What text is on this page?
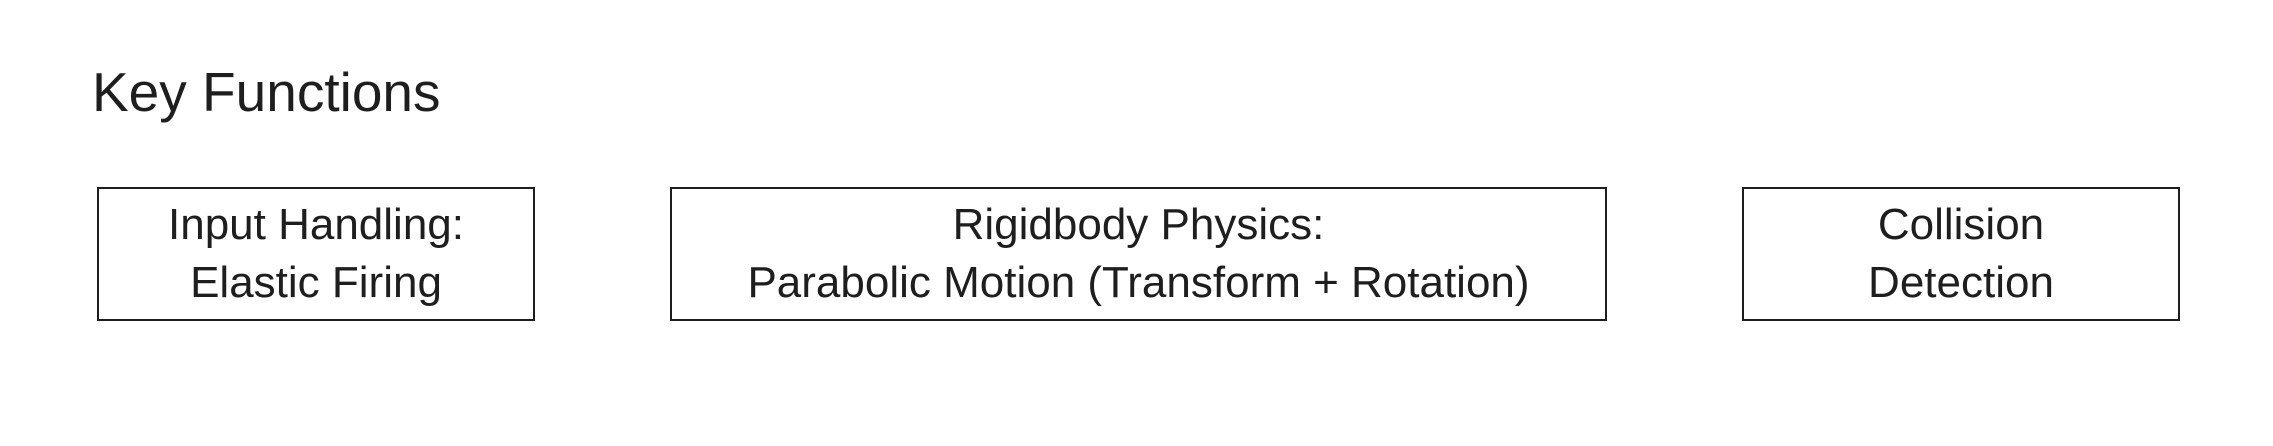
Key Functions
Input Handling:
Elastic Firing
Rigidbody Physics:
Parabolic Motion (Transform + Rotation)
Collision
Detection
